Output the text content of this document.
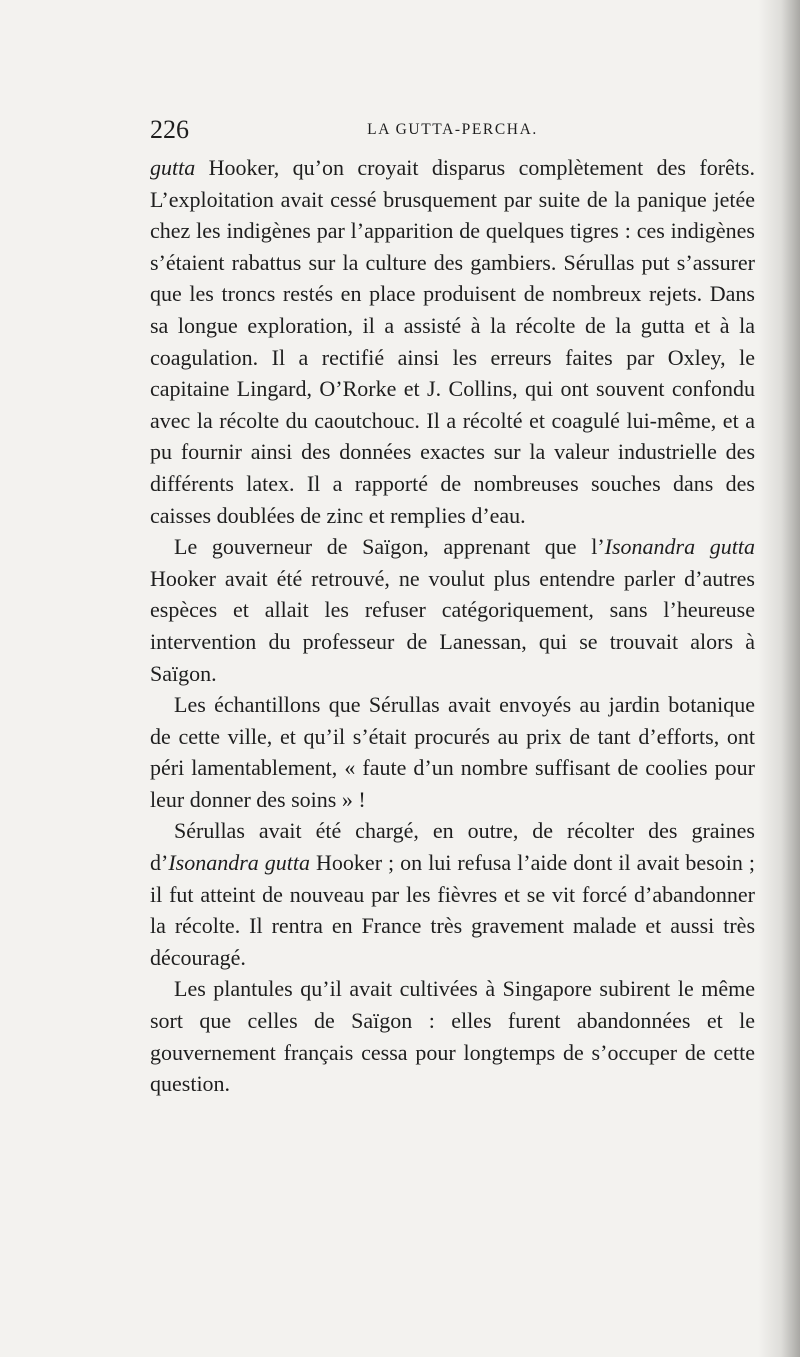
226	LA GUTTA-PERCHA.

gutta Hooker, qu’on croyait disparus complètement des forêts. L’exploitation avait cessé brusquement par suite de la panique jetée chez les indigènes par l’apparition de quelques tigres : ces indigènes s’étaient rabattus sur la culture des gambiers. Sérullas put s’assurer que les troncs restés en place produisent de nombreux rejets. Dans sa longue exploration, il a assisté à la récolte de la gutta et à la coagulation. Il a rectifié ainsi les erreurs faites par Oxley, le capitaine Lingard, O’Rorke et J. Collins, qui ont souvent confondu avec la récolte du caoutchouc. Il a récolté et coagulé lui-même, et a pu fournir ainsi des données exactes sur la valeur industrielle des différents latex. Il a rapporté de nombreuses souches dans des caisses doublées de zinc et remplies d’eau.

Le gouverneur de Saïgon, apprenant que l’Isonandra gutta Hooker avait été retrouvé, ne voulut plus entendre parler d’autres espèces et allait les refuser catégoriquement, sans l’heureuse intervention du professeur de Lanessan, qui se trouvait alors à Saïgon.

Les échantillons que Sérullas avait envoyés au jardin botanique de cette ville, et qu’il s’était procurés au prix de tant d’efforts, ont péri lamentablement, « faute d’un nombre suffisant de coolies pour leur donner des soins » !

Sérullas avait été chargé, en outre, de récolter des graines d’Isonandra gutta Hooker ; on lui refusa l’aide dont il avait besoin ; il fut atteint de nouveau par les fièvres et se vit forcé d’abandonner la récolte. Il rentra en France très gravement malade et aussi très découragé.

Les plantules qu’il avait cultivées à Singapore subirent le même sort que celles de Saïgon : elles furent abandonnées et le gouvernement français cessa pour longtemps de s’occuper de cette question.
